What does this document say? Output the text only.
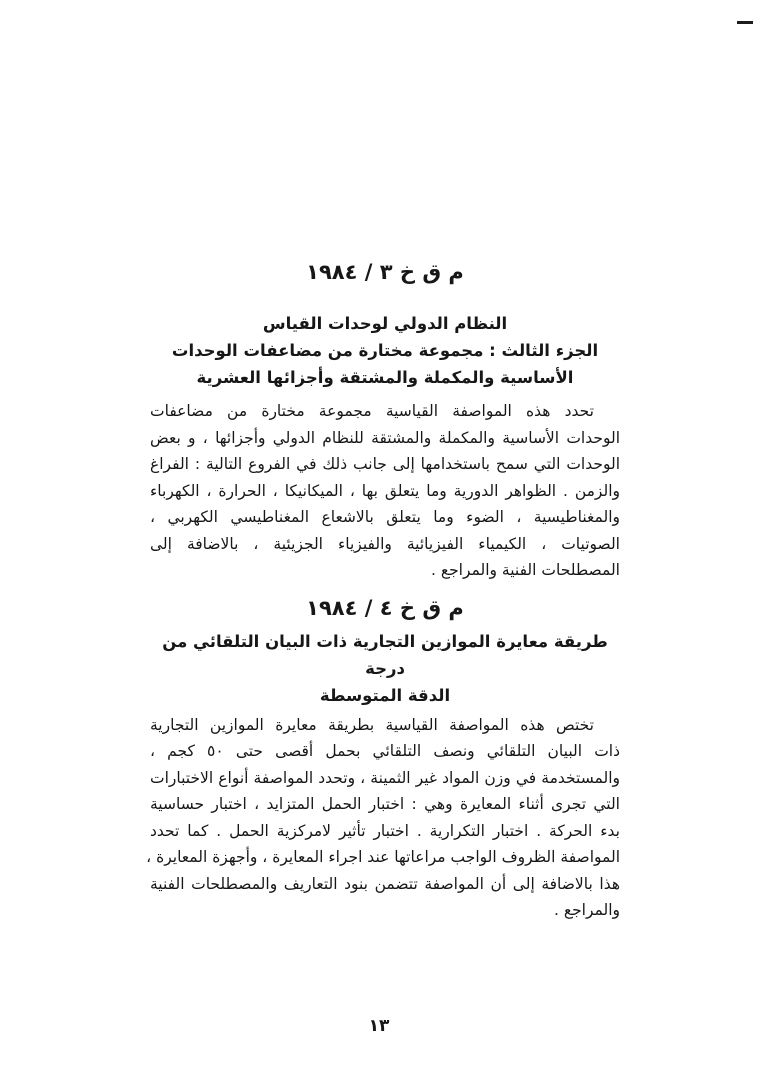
م ق خ ٣ / ١٩٨٤
النظام الدولي لوحدات القياس
الجزء الثالث : مجموعة مختارة من مضاعفات الوحدات
الأساسية والمكملة والمشتقة وأجزائها العشرية
تحدد هذه المواصفة القياسية مجموعة مختارة من مضاعفات
الوحدات الأساسية والمكملة والمشتقة للنظام الدولي وأجزائها ، و بعض
الوحدات التي سمح باستخدامها إلى جانب ذلك في الفروع التالية : الفراغ
والزمن . الظواهر الدورية وما يتعلق بها ، الميكانيكا ، الحرارة ، الكهرباء
والمغناطيسية ، الضوء وما يتعلق بالاشعاع المغناطيسي الكهربي ،
الصوتيات ، الكيمياء الفيزيائية والفيزياء الجزيئية ، بالاضافة إلى
المصطلحات الفنية والمراجع .
م ق خ ٤ / ١٩٨٤
طريقة معايرة الموازين التجارية ذات البيان التلقائي من درجة
الدقة المتوسطة
تختص هذه المواصفة القياسية بطريقة معايرة الموازين التجارية
ذات البيان التلقائي ونصف التلقائي بحمل أقصى حتى ٥٠ كجم ،
والمستخدمة في وزن المواد غير الثمينة ، وتحدد المواصفة أنواع الاختبارات
التي تجرى أثناء المعايرة وهي : اختبار الحمل المتزايد ، اختبار حساسية
بدء الحركة . اختبار التكرارية . اختبار تأثير لامركزية الحمل . كما تحدد
المواصفة الظروف الواجب مراعاتها عند اجراء المعايرة ، وأجهزة المعايرة ،
هذا بالاضافة إلى أن المواصفة تتضمن بنود التعاريف والمصطلحات الفنية
والمراجع .
١٣
